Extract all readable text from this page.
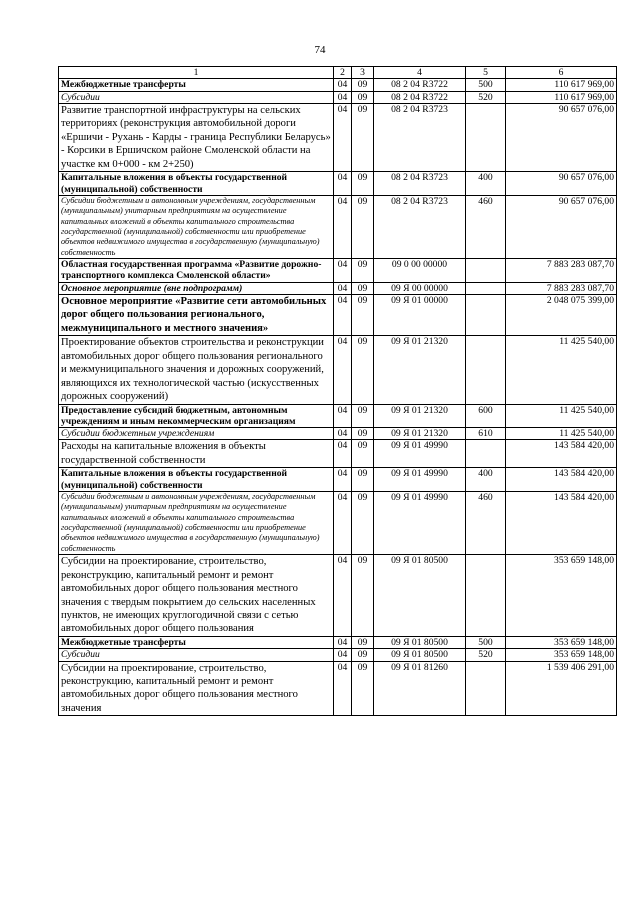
74
1	2	3	4	5	6
Межбюджетные трансферты	04	09	08 2 04 R3722	500	110 617 969,00
Субсидии	04	09	08 2 04 R3722	520	110 617 969,00
Развитие транспортной инфраструктуры на сельских территориях (реконструкция автомобильной дороги «Ершичи - Рухань - Карды - граница Республики Беларусь» - Корсики в Ершичском районе Смоленской области на участке км 0+000 - км 2+250)	04	09	08 2 04 R3723		90 657 076,00
Капитальные вложения в объекты государственной (муниципальной) собственности	04	09	08 2 04 R3723	400	90 657 076,00
Субсидии бюджетным и автономным учреждениям, государственным (муниципальным) унитарным предприятиям на осуществление капитальных вложений в объекты капитального строительства государственной (муниципальной) собственности или приобретение объектов недвижимого имущества в государственную (муниципальную) собственность	04	09	08 2 04 R3723	460	90 657 076,00
Областная государственная программа «Развитие дорожно-транспортного комплекса Смоленской области»	04	09	09 0 00 00000		7 883 283 087,70
Основное мероприятие (вне подпрограмм)	04	09	09 Я 00 00000		7 883 283 087,70
Основное мероприятие «Развитие сети автомобильных дорог общего пользования регионального, межмуниципального и местного значения»	04	09	09 Я 01 00000		2 048 075 399,00
Проектирование объектов строительства и реконструкции автомобильных дорог общего пользования регионального и межмуниципального значения и дорожных сооружений, являющихся их технологической частью (искусственных дорожных сооружений)	04	09	09 Я 01 21320		11 425 540,00
Предоставление субсидий бюджетным, автономным учреждениям и иным некоммерческим организациям	04	09	09 Я 01 21320	600	11 425 540,00
Субсидии бюджетным учреждениям	04	09	09 Я 01 21320	610	11 425 540,00
Расходы на капитальные вложения в объекты государственной собственности	04	09	09 Я 01 49990		143 584 420,00
Капитальные вложения в объекты государственной (муниципальной) собственности	04	09	09 Я 01 49990	400	143 584 420,00
Субсидии бюджетным и автономным учреждениям, государственным (муниципальным) унитарным предприятиям на осуществление капитальных вложений в объекты капитального строительства государственной (муниципальной) собственности или приобретение объектов недвижимого имущества в государственную (муниципальную) собственность	04	09	09 Я 01 49990	460	143 584 420,00
Субсидии на проектирование, строительство, реконструкцию, капитальный ремонт и ремонт автомобильных дорог общего пользования местного значения с твердым покрытием до сельских населенных пунктов, не имеющих круглогодичной связи с сетью автомобильных дорог общего пользования	04	09	09 Я 01 80500		353 659 148,00
Межбюджетные трансферты	04	09	09 Я 01 80500	500	353 659 148,00
Субсидии	04	09	09 Я 01 80500	520	353 659 148,00
Субсидии на проектирование, строительство, реконструкцию, капитальный ремонт и ремонт автомобильных дорог общего пользования местного значения	04	09	09 Я 01 81260		1 539 406 291,00
